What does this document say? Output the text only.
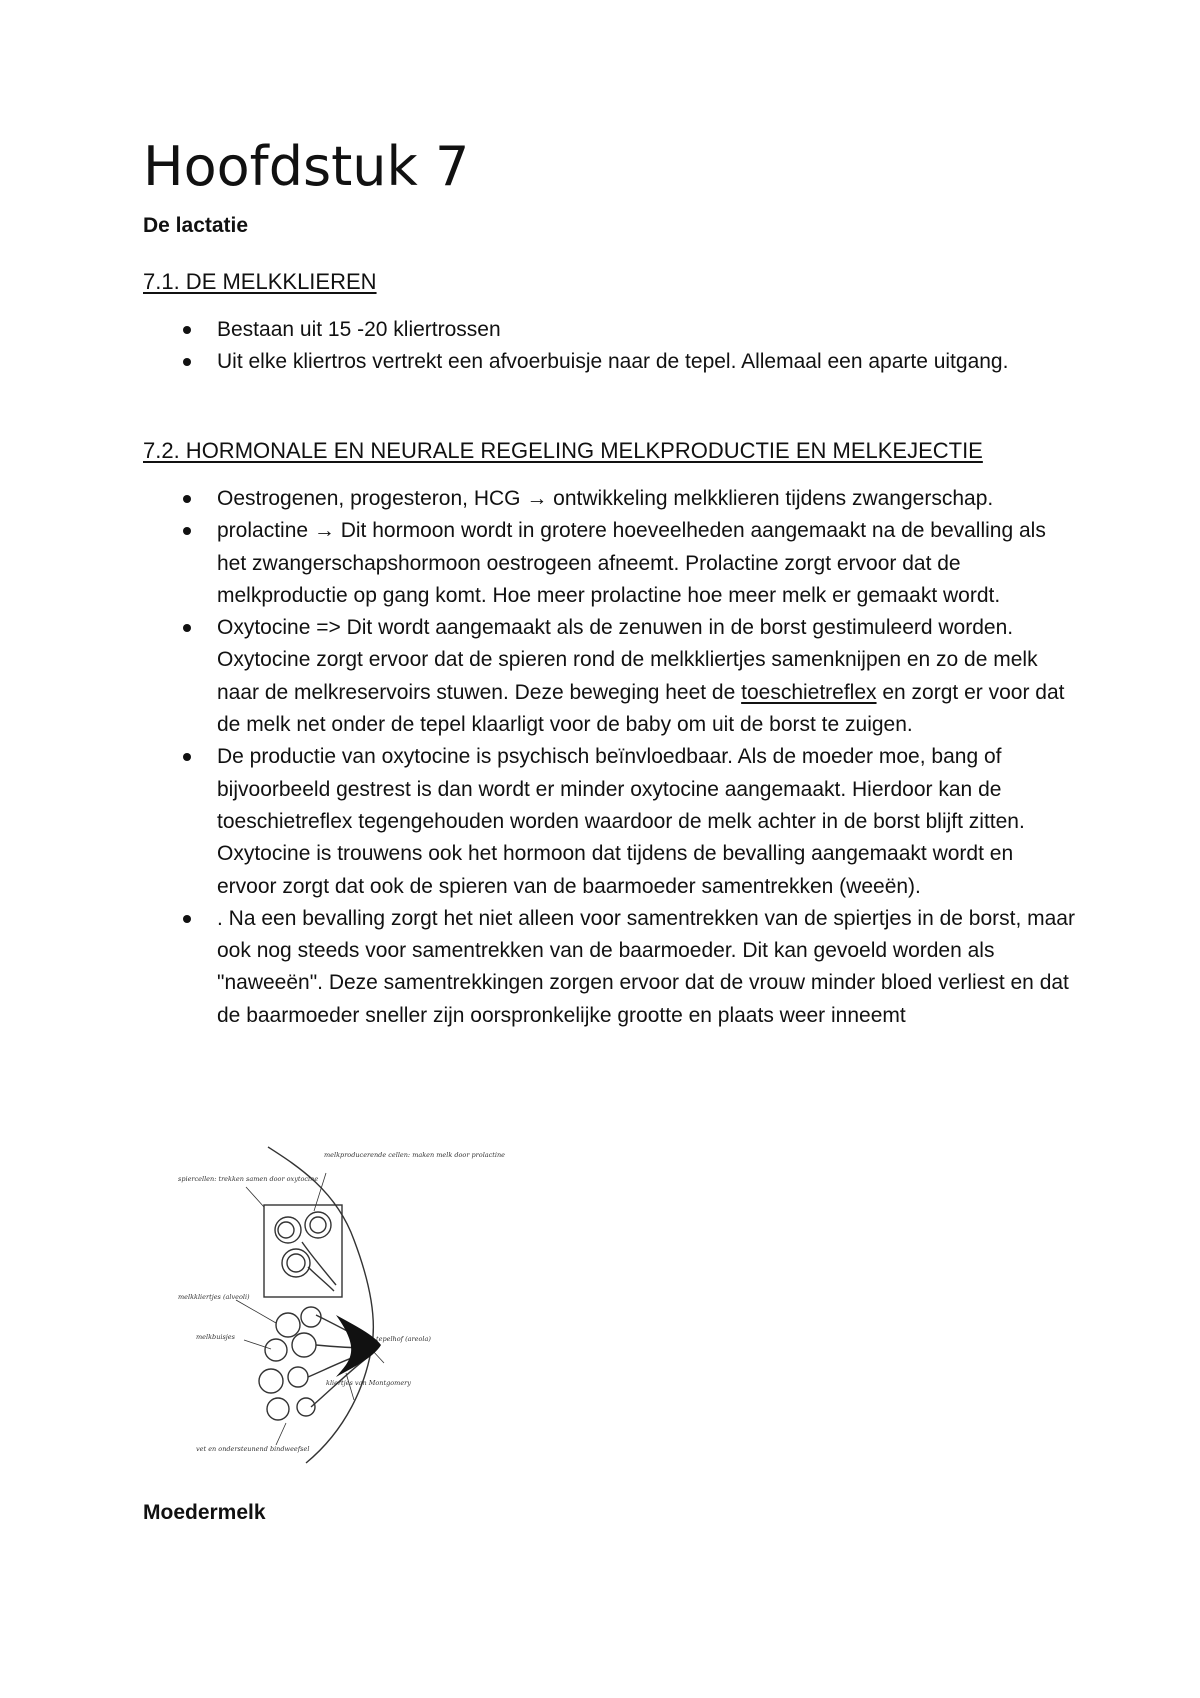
Hoofdstuk 7
De lactatie
7.1. DE MELKKLIEREN
Bestaan uit 15 -20 kliertrossen
Uit elke kliertros vertrekt een afvoerbuisje naar de tepel. Allemaal een aparte uitgang.
7.2. HORMONALE EN NEURALE REGELING MELKPRODUCTIE EN MELKEJECTIE
Oestrogenen, progesteron, HCG → ontwikkeling melkklieren tijdens zwangerschap.
prolactine → Dit hormoon wordt in grotere hoeveelheden aangemaakt na de bevalling als het zwangerschapshormoon oestrogeen afneemt. Prolactine zorgt ervoor dat de melkproductie op gang komt. Hoe meer prolactine hoe meer melk er gemaakt wordt.
Oxytocine => Dit wordt aangemaakt als de zenuwen in de borst gestimuleerd worden. Oxytocine zorgt ervoor dat de spieren rond de melkkliertjes samenknijpen en zo de melk naar de melkreservoirs stuwen. Deze beweging heet de toeschietreflex en zorgt er voor dat de melk net onder de tepel klaarligt voor de baby om uit de borst te zuigen.
De productie van oxytocine is psychisch beïnvloedbaar. Als de moeder moe, bang of bijvoorbeeld gestrest is dan wordt er minder oxytocine aangemaakt. Hierdoor kan de toeschietreflex tegengehouden worden waardoor de melk achter in de borst blijft zitten. Oxytocine is trouwens ook het hormoon dat tijdens de bevalling aangemaakt wordt en ervoor zorgt dat ook de spieren van de baarmoeder samentrekken (weeën).
. Na een bevalling zorgt het niet alleen voor samentrekken van de spiertjes in de borst, maar ook nog steeds voor samentrekken van de baarmoeder. Dit kan gevoeld worden als "naweeën". Deze samentrekkingen zorgen ervoor dat de vrouw minder bloed verliest en dat de baarmoeder sneller zijn oorspronkelijke grootte en plaats weer inneemt
melkproducerende cellen: maken melk door prolactine
spiercellen: trekken samen door oxytocine
melkkliertjes (alveoli)
melkbuisjes	tepelhof (areola)
kliertjes van Montgomery
vet en ondersteunend bindweefsel
Moedermelk
